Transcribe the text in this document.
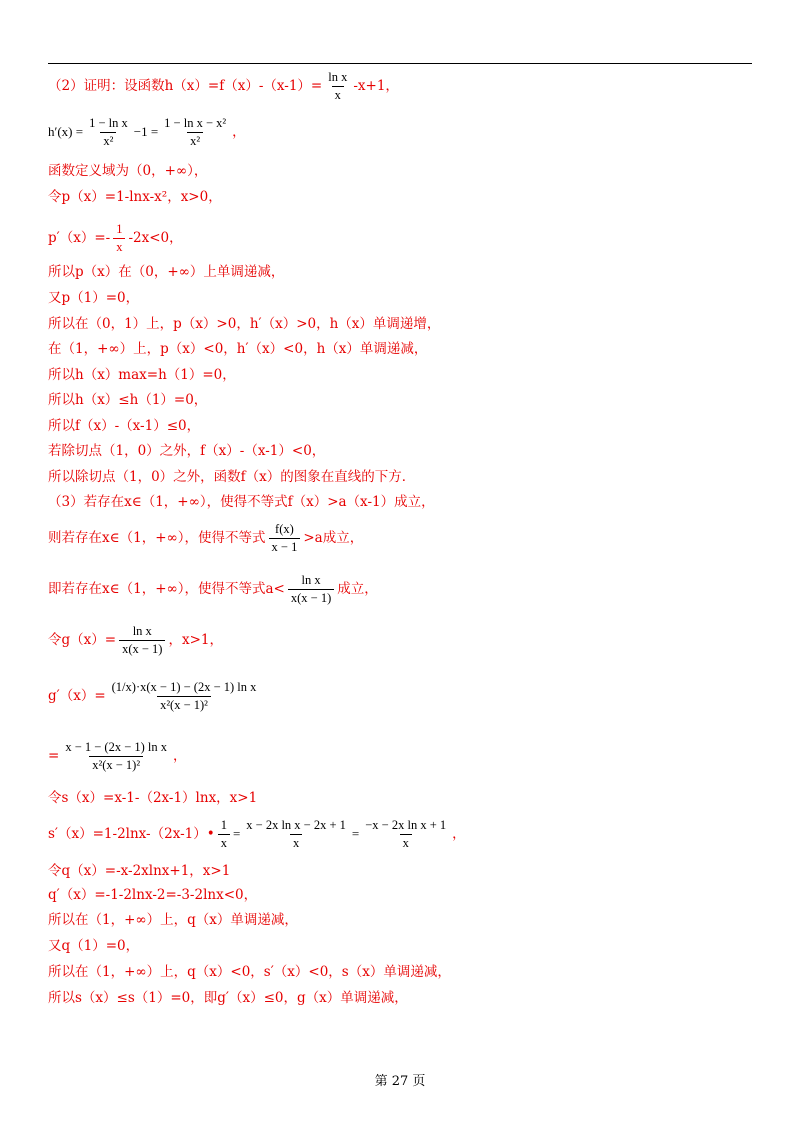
（2）证明：设函数$h(x)=f(x)-(x-1)= \frac{\text{ln x}}{x} -x+1$，
$h'(x) = \frac{\text{1 − ln x}}{\text{x²}} -1 = \frac{\text{1 − ln x − x²}}{\text{x²}}$ ，
函数定义域为（0，+∞），
令p（x）=1-lnx-x²，x>0，
$p'(x)=- \frac{1}{x} -2x<0$，
所以p（x）在（0，+∞）上单调递减，
又p（1）=0，
所以在（0，1）上，p（x）>0，h′（x）>0，h（x）单调递增，
在（1，+∞）上，p（x）<0，h′（x）<0，h（x）单调递减，
所以h（x）max=h（1）=0，
所以h（x）≤h（1）=0，
所以f（x）-（x-1）≤0，
若除切点（1，0）之外，f（x）-（x-1）<0，
所以除切点（1，0）之外，函数f（x）的图象在直线的下方．
（3）若存在x∈（1，+∞），使得不等式f（x）>a（x-1）成立，
则若存在x∈（1，+∞），使得不等式 $\frac{f(x)}{x - 1} >a$成立，
即若存在x∈（1，+∞），使得不等式$a< \frac{\text{ln x}}{x(x - 1)}$ 成立，
令$g(x)= \frac{\text{ln x}}{x(x - 1)}$ ，x>1，
$g'(x)= \frac{\text{(1/x)·x(x − 1) − (2x − 1) ln x}}{\text{x²(x − 1)²}}$
= $\frac{\text{x − 1 − (2x − 1) ln x}}{\text{x²(x − 1)²}}$ ，
令s（x）=x-1-（2x-1）lnx，x>1
s′（x）=1-2lnx-（2x-1）• $\frac{1}{x} = \frac{\text{x − 2x ln x − 2x + 1}}{x} = \frac{\text{−x − 2x ln x + 1}}{x}$ ，
令q（x）=-x-2xlnx+1，x>1
q′（x）=-1-2lnx-2=-3-2lnx<0，
所以在（1，+∞）上，q（x）单调递减，
又q（1）=0，
所以在（1，+∞）上，q（x）<0，s′（x）<0，s（x）单调递减，
所以s（x）≤s（1）=0，即g′（x）≤0，g（x）单调递减，
第 27 页
